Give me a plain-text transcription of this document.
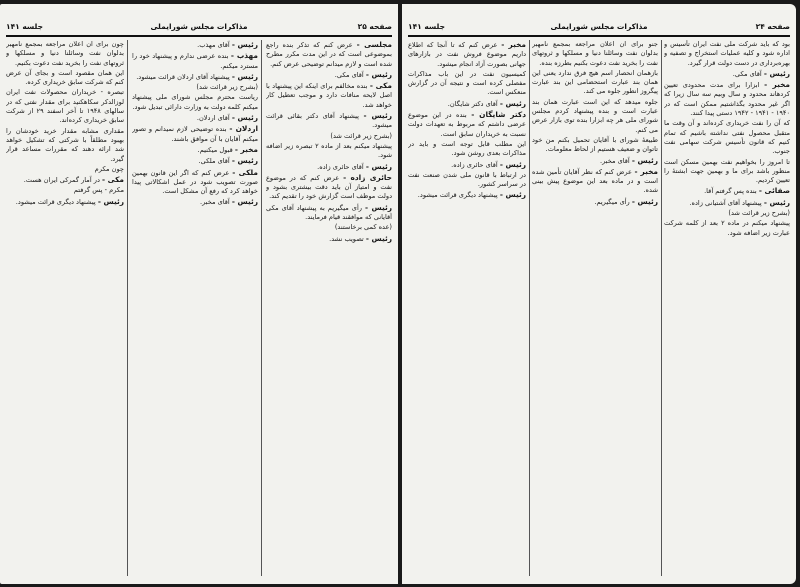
صفحه ۲۵
مذاکرات مجلس شورایملی
جلسه ۱۴۱

مجلسی - عرض کنم که تذکر بنده راجع بموضوعی است که در این مدت مکرر مطرح شده است و لازم میدانم توضیحی عرض کنم.

رئیس - آقای مکی.

مکی - بنده مخالفم برای اینکه این پیشنهاد با اصل لایحه منافات دارد و موجب تعطیل کار خواهد شد.

رئیس - پیشنهاد آقای دکتر بقائی قرائت میشود.

(بشرح زیر قرائت شد)

پیشنهاد میکنم بعد از ماده ۲ تبصره زیر اضافه شود.

رئیس - آقای حائری زاده.

حائری زاده - عرض کنم که در موضوع نفت و امتیاز آن باید دقت بیشتری بشود و دولت موظف است گزارش خود را تقدیم کند.

رئیس - رأی میگیریم به پیشنهاد آقای مکی آقایانی که موافقند قیام فرمایند.

(عده کمی برخاستند)

رئیس - تصویب نشد.

رئیس - آقای مهذب.

مهذب - بنده عرضی ندارم و پیشنهاد خود را مسترد میکنم.

رئیس - پیشنهاد آقای اردلان قرائت میشود.

(بشرح زیر قرائت شد)

ریاست محترم مجلس شورای ملی پیشنهاد میکنم کلمه دولت به وزارت دارائی تبدیل شود.

رئیس - آقای اردلان.

اردلان - بنده توضیحی لازم نمیدانم و تصور میکنم آقایان با آن موافق باشند.

مخبر - قبول میکنیم.

رئیس - آقای ملکی.

ملکی - عرض کنم که اگر این قانون بهمین صورت تصویب شود در عمل اشکالاتی پیدا خواهد کرد که رفع آن مشکل است.

رئیس - آقای مخبر.

چون برای ان اعلان مراجعه بمجمع نامهبر بدلوان نفت وسائلنا دنیا و مسلکها و ثروتهای نفت را بخرید نفت دعوت بکنیم.

این همان مقصود است و بجای آن عرض کنم که شرکت سابق خریداری کرده.

تبصره - خریداران محصولات نفت ایران لوزالدکر سکاهکنید برای مقدار نفتی که در سالهای ۱۹۴۸ تا آخر اسفند ۲۹ از شرکت سابق خریداری کرده‌اند.

مقداری مشابه مقدار خرید خودشان را بهبود مطلقاً با شرکتی که تشکیل خواهد شد ارائه دهند که مقررات مساعد قرار گیرد.

چون مکرم

مکی - در آمار گمرکی ایران هست.

مکرم - پس گرفتم

رئیس - پیشنهاد دیگری قرائت میشود.

صفحه ۲۴
مذاکرات مجلس شورایملی
جلسه ۱۴۱

بود که باید شرکت ملی نفت ایران تأسیس و اداره شود و کلیه عملیات استخراج و تصفیه و بهره‌برداری در دست دولت قرار گیرد.

رئیس - آقای مکی.

مخبر - ابزارا برای مدت محدودی تعیین کردهاند محدود و سال وبیم سه سال زیرا که اگر غیر محدود بگذاشتیم ممکن است که در ۱۹۴۰ - ۱۹۴۱ - ۱۹۴۲ دستی پیدا کنند.

که آن را نفت خریداری کرده‌اند و آن وقت ما متقبل محصول نفتی نداشته باشیم که تمام کنیم که قانون تأسیس شرکت سهامی نفت جنوب.

تا امروز را بخواهیم نفت بهمین مسکن است منظور باشد برای ما و بهمین جهت ابشتهٔ را تعیین کردیم.

صفائی - بنده پس گرفتم آقا.

رئیس - پیشنهاد آقای آشتیانی زاده.

(بشرح زیر قرائت شد)

پیشنهاد میکنم در ماده ۲ بعد از کلمه شرکت عبارت زیر اضافه شود.

جنو برای ان اعلان مراجعه بمجمع نامهبر بدلوان نفت وسائلنا دنیا و مسلکها و ثروتهای نفت را بخرید نفت دعوت بکنیم بطرزه بنده.

بازهمان انحصار اسم هیچ فرق ندارد یعنی این همان بند عبارت استحضامی این بند عبارت پیگروز انطور جلوه می کند.

جلوه میدهد که این است عبارت همان بند عبارت است و بنده پیشنهاد کردم مجلس شورای ملی هر چه ابزارا بنده توی بازار عرض می کنم.

طبیعهٔ شورای با آقایان تحمیل بکنم من خود تاتوان و ضعیف هستیم از لحاظ معلومات.

رئیس - آقای مخبر.

مخبر - عرض کنم که نظر آقایان تأمین شده است و در ماده بعد این موضوع پیش بینی شده.

رئیس - رأی میگیریم.

مخبر - عرض کنم که تا آنجا که اطلاع داریم موضوع فروش نفت در بازارهای جهانی بصورت آزاد انجام میشود.

کمیسیون نفت در این باب مذاکرات مفصلی کرده است و نتیجه آن در گزارش منعکس است.

رئیس - آقای دکتر شایگان.

دکتر شایگان - بنده در این موضوع عرضی داشتم که مربوط به تعهدات دولت نسبت به خریداران سابق است.

این مطلب قابل توجه است و باید در مذاکرات بعدی روشن شود.

رئیس - آقای حائری زاده.

در ارتباط با قانون ملی شدن صنعت نفت در سراسر کشور.

رئیس - پیشنهاد دیگری قرائت میشود.
